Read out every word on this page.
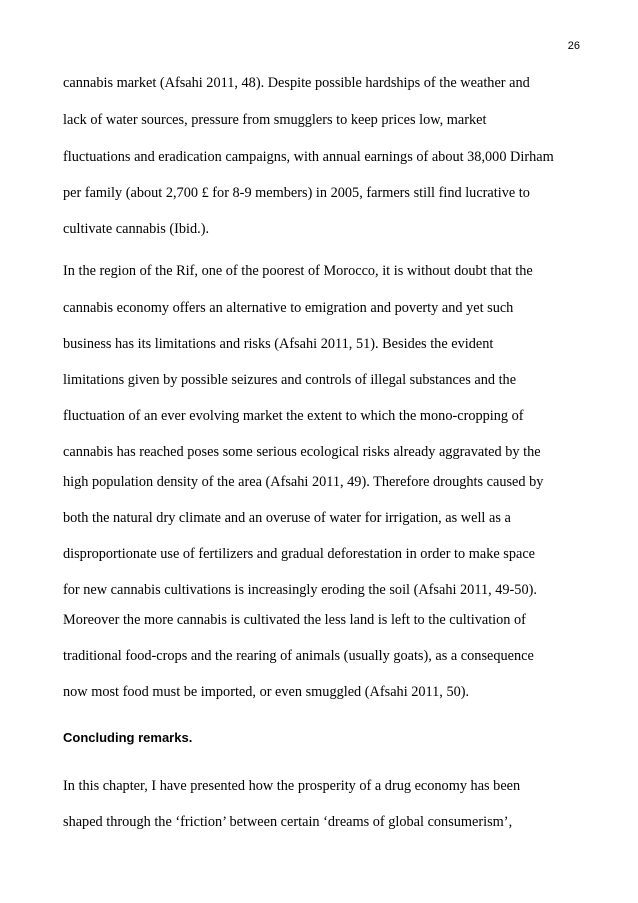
26
cannabis market (Afsahi 2011, 48). Despite possible hardships of the weather and
lack of water sources, pressure from smugglers to keep prices low, market
fluctuations and eradication campaigns, with annual earnings of about 38,000 Dirham
per family (about 2,700 £ for 8-9 members) in 2005, farmers still find lucrative to
cultivate cannabis (Ibid.).
In the region of the Rif, one of the poorest of Morocco, it is without doubt that the
cannabis economy offers an alternative to emigration and poverty and yet such
business has its limitations and risks (Afsahi 2011, 51). Besides the evident
limitations given by possible seizures and controls of illegal substances and the
fluctuation of an ever evolving market the extent to which the mono-cropping of
cannabis has reached poses some serious ecological risks already aggravated by the
high population density of the area (Afsahi 2011, 49). Therefore droughts caused by
both the natural dry climate and an overuse of water for irrigation, as well as a
disproportionate use of fertilizers and gradual deforestation in order to make space
for new cannabis cultivations is increasingly eroding the soil (Afsahi 2011, 49-50).
Moreover the more cannabis is cultivated the less land is left to the cultivation of
traditional food-crops and the rearing of animals (usually goats), as a consequence
now most food must be imported, or even smuggled (Afsahi 2011, 50).
Concluding remarks.
In this chapter, I have presented how the prosperity of a drug economy has been
shaped through the ‘friction’ between certain ‘dreams of global consumerism’,
